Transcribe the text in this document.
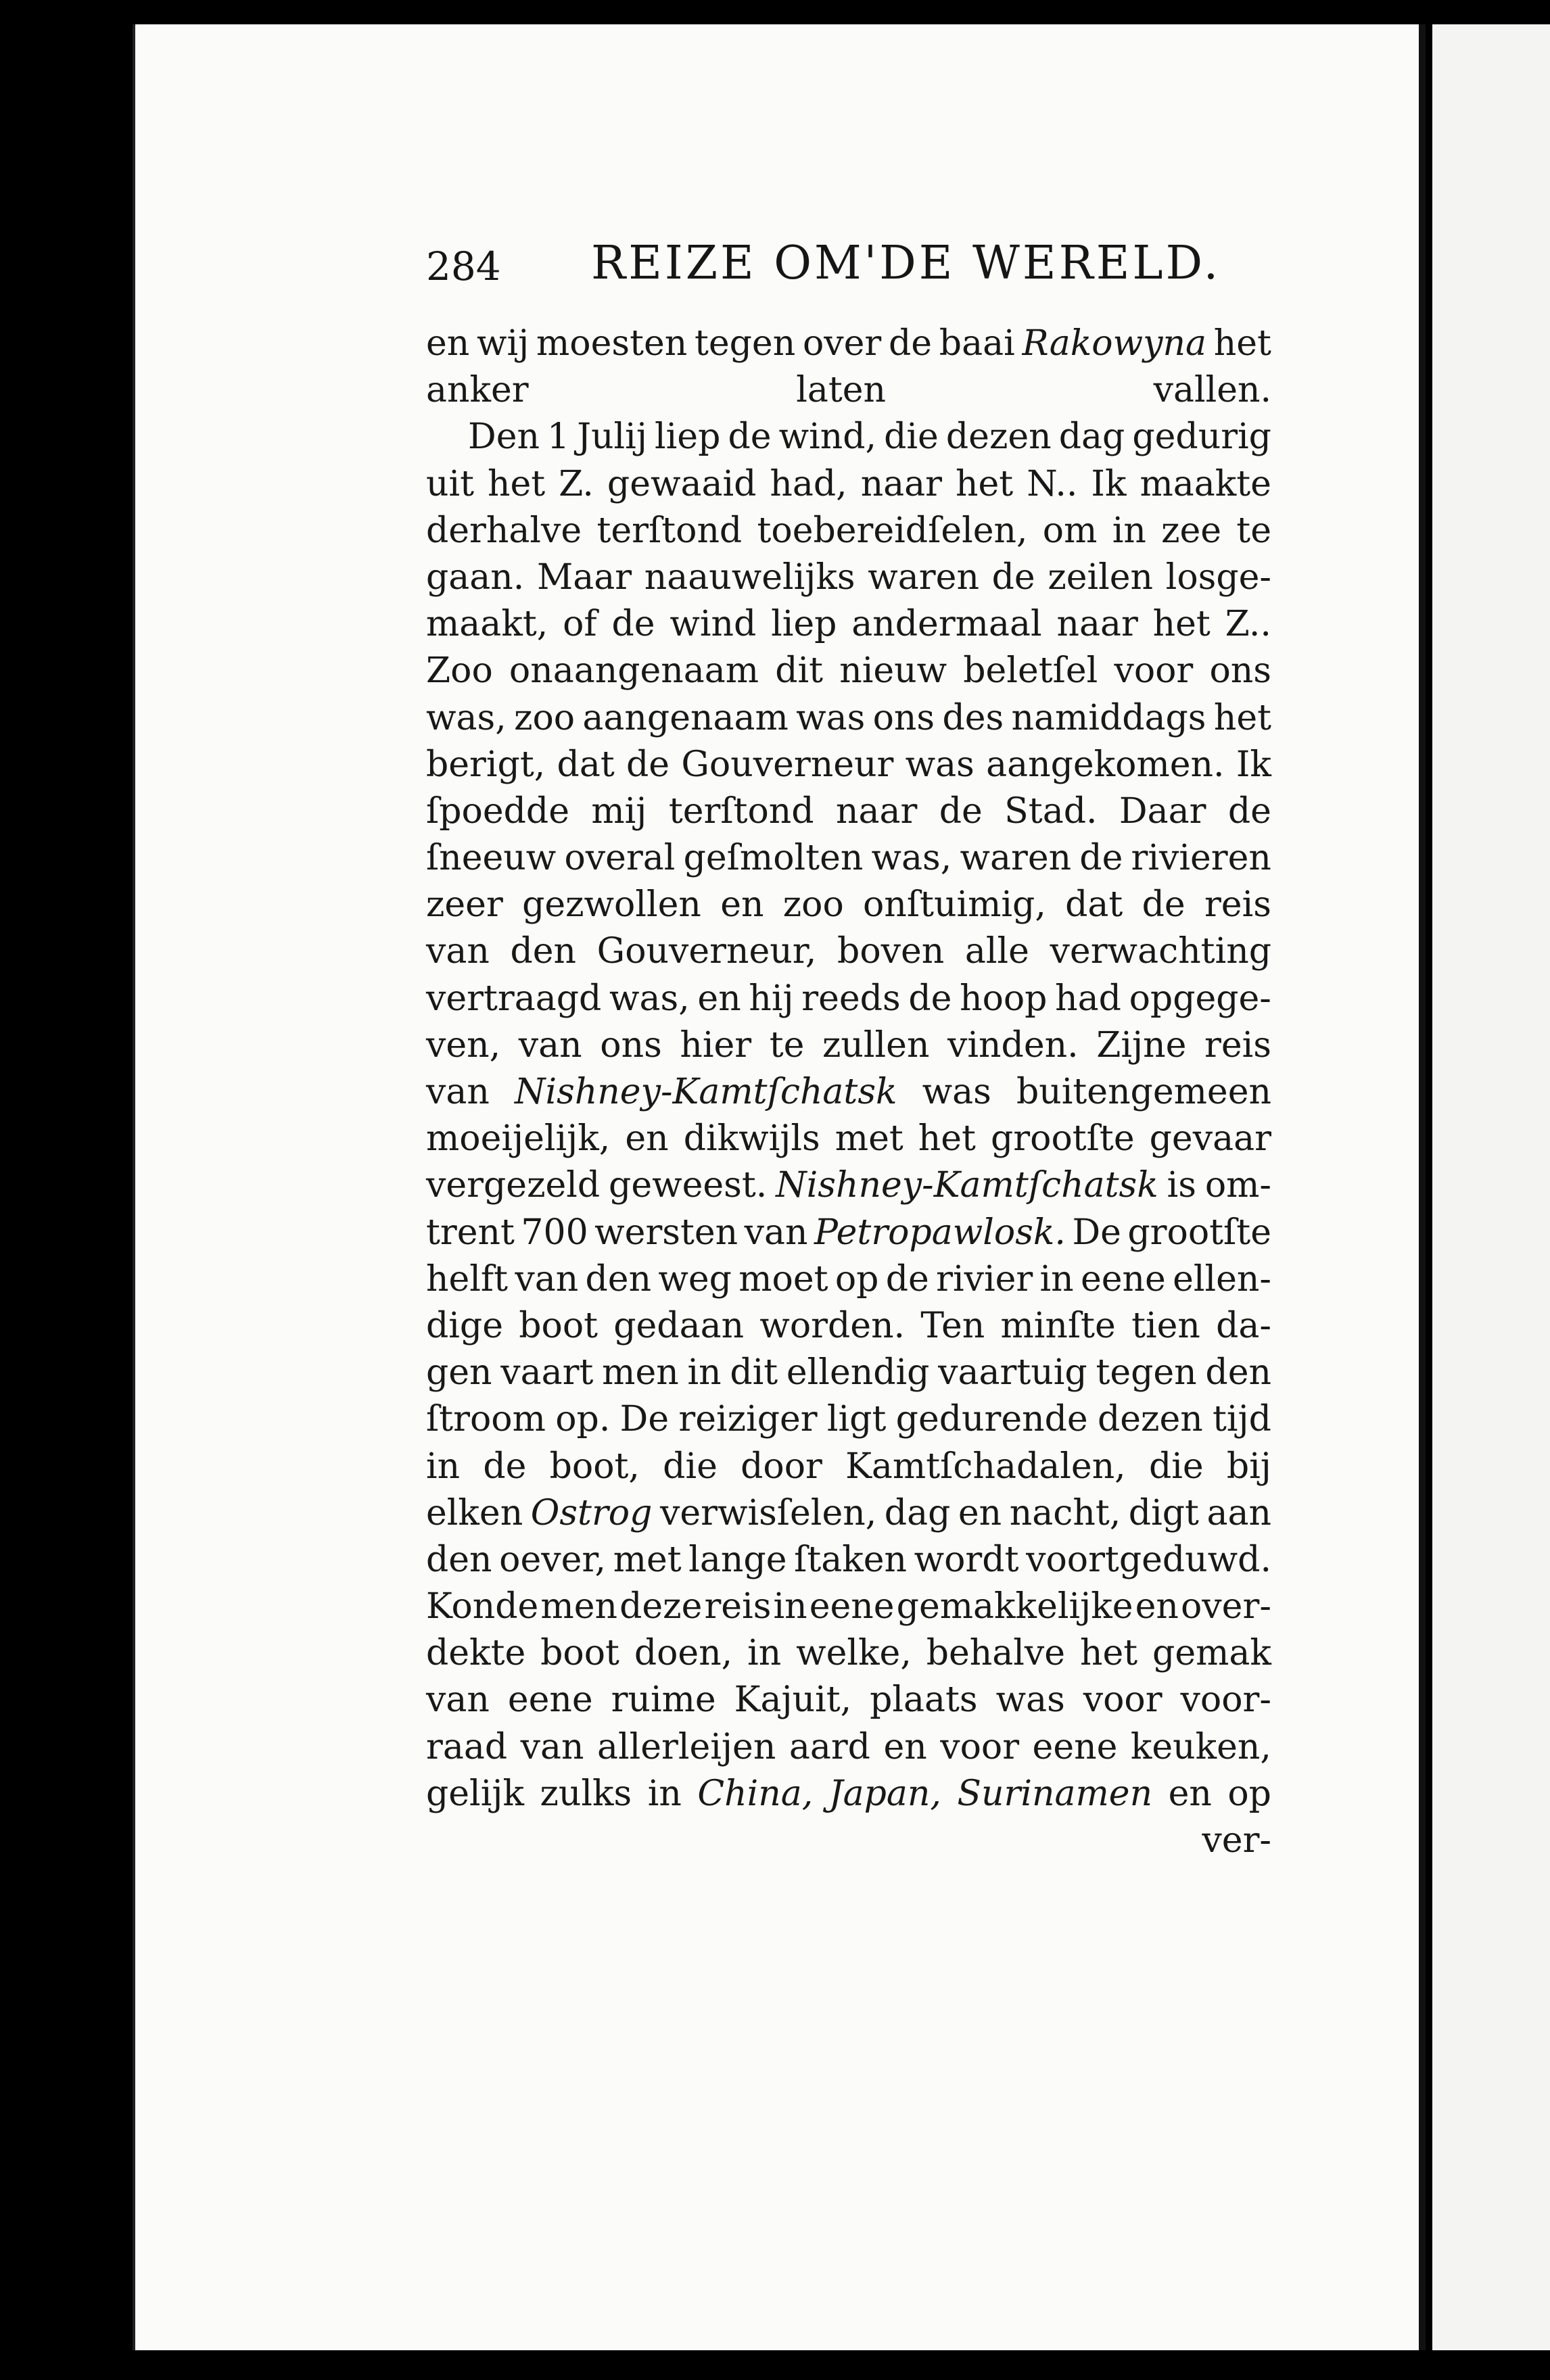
284 REIZE OM'DE WERELD.
en wij moesten tegen over de baai Rakowyna het
anker	laten	vallen.
Den 1 Julij liep de wind, die dezen dag gedurig
uit het Z. gewaaid had, naar het N.. Ik maakte
derhalve terſtond toebereidſelen, om in zee te
gaan. Maar naauwelijks waren de zeilen losge-
maakt, of de wind liep andermaal naar het Z..
Zoo onaangenaam dit nieuw beletſel voor ons
was, zoo aangenaam was ons des namiddags het
berigt, dat de Gouverneur was aangekomen. Ik
ſpoedde mij terſtond naar de Stad. Daar de
ſneeuw overal geſmolten was, waren de rivieren
zeer gezwollen en zoo onſtuimig, dat de reis
van den Gouverneur, boven alle verwachting
vertraagd was, en hij reeds de hoop had opgege-
ven, van ons hier te zullen vinden. Zijne reis
van Nishney-Kamtſchatsk was buitengemeen
moeijelijk, en dikwijls met het grootſte gevaar
vergezeld geweest. Nishney-Kamtſchatsk is om-
trent 700 wersten van Petropawlosk. De grootſte
helft van den weg moet op de rivier in eene ellen-
dige boot gedaan worden. Ten minſte tien da-
gen vaart men in dit ellendig vaartuig tegen den
ſtroom op. De reiziger ligt gedurende dezen tijd
in de boot, die door Kamtſchadalen, die bij
elken Ostrog verwisſelen, dag en nacht, digt aan
den oever, met lange ſtaken wordt voortgeduwd.
Konde men deze reis in eene gemakkelijke en over-
dekte boot doen, in welke, behalve het gemak
van eene ruime Kajuit, plaats was voor voor-
raad van allerleijen aard en voor eene keuken,
gelijk zulks in China, Japan, Surinamen en op
ver-
